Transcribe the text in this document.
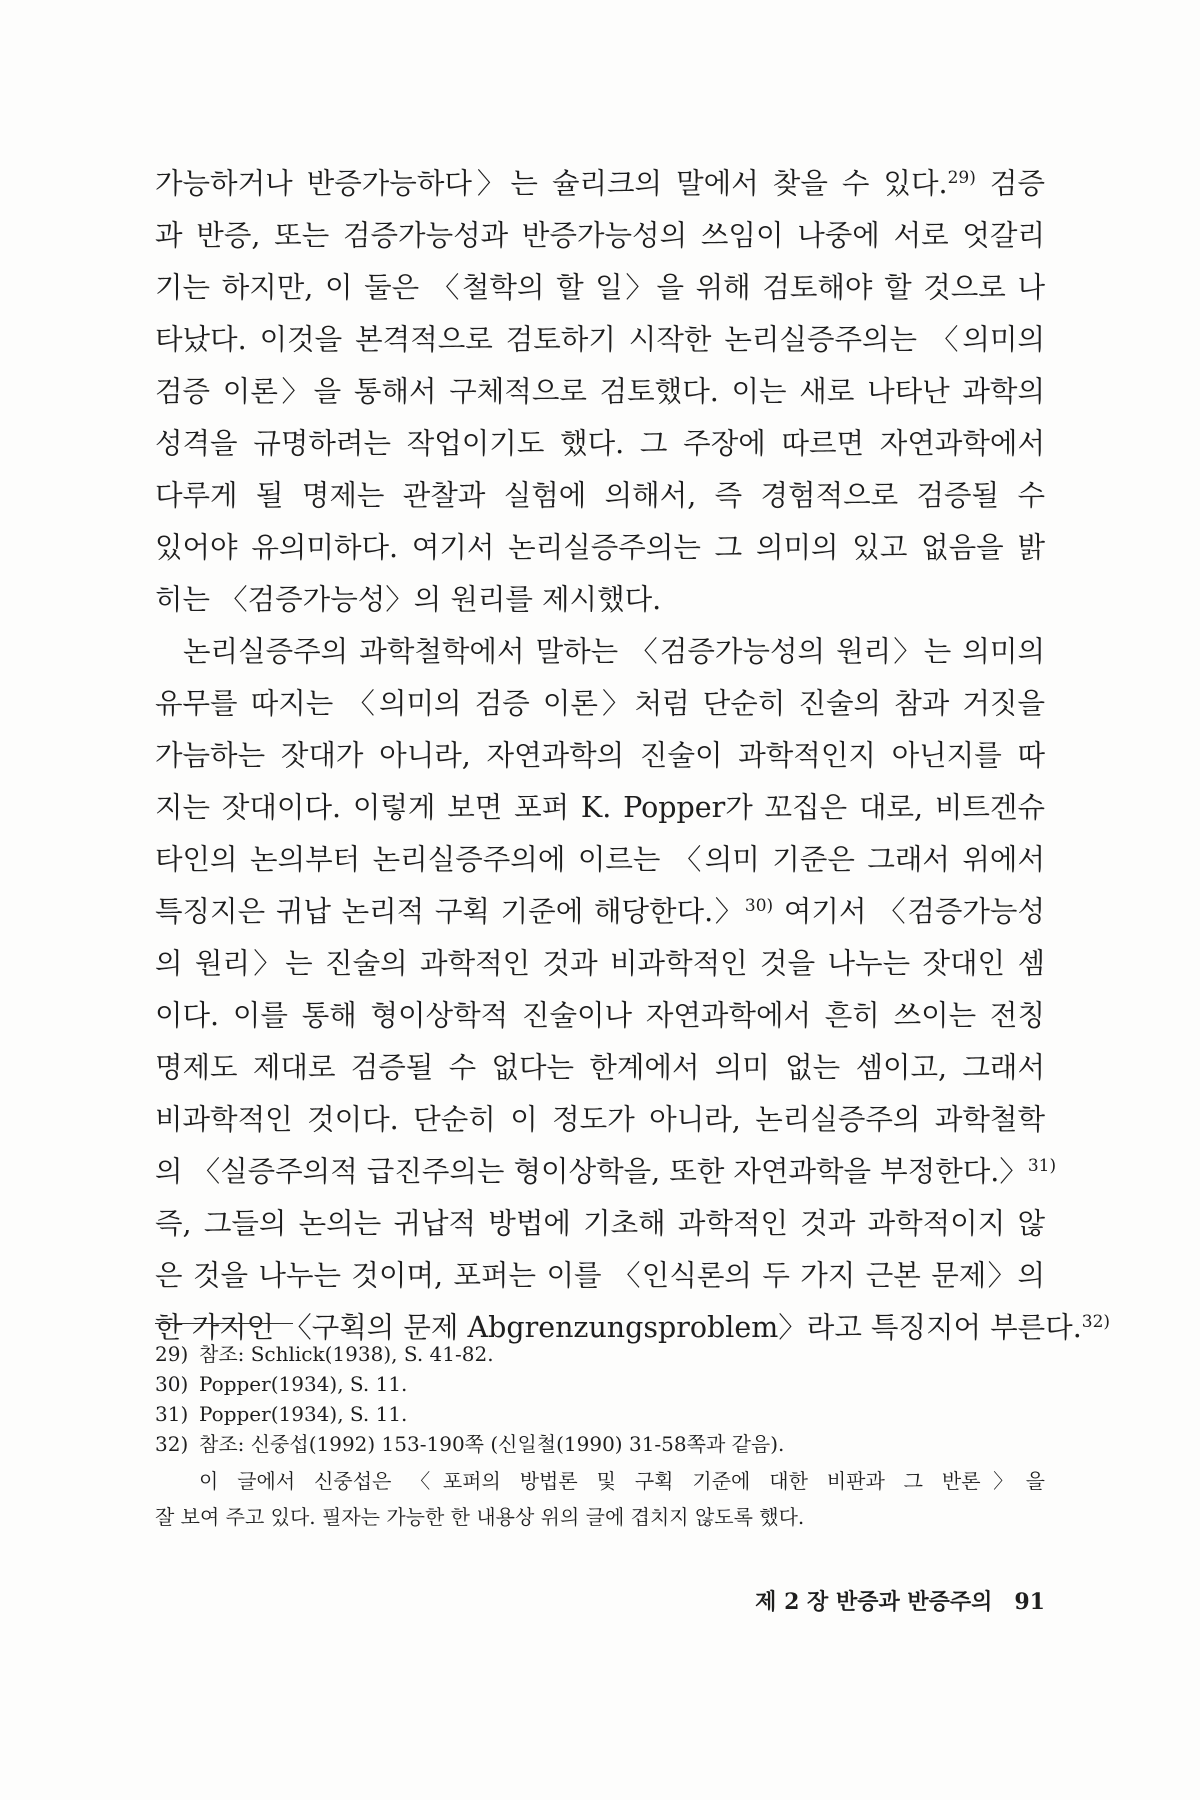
가능하거나 반증가능하다〉는 슐리크의 말에서 찾을 수 있다.$^{29)}$ 검증
과 반증, 또는 검증가능성과 반증가능성의 쓰임이 나중에 서로 엇갈리
기는 하지만, 이 둘은 〈철학의 할 일〉을 위해 검토해야 할 것으로 나
타났다. 이것을 본격적으로 검토하기 시작한 논리실증주의는 〈의미의
검증 이론〉을 통해서 구체적으로 검토했다. 이는 새로 나타난 과학의
성격을 규명하려는 작업이기도 했다. 그 주장에 따르면 자연과학에서
다루게 될 명제는 관찰과 실험에 의해서, 즉 경험적으로 검증될 수
있어야 유의미하다. 여기서 논리실증주의는 그 의미의 있고 없음을 밝
히는 〈검증가능성〉의 원리를 제시했다.
논리실증주의 과학철학에서 말하는 〈검증가능성의 원리〉는 의미의
유무를 따지는 〈의미의 검증 이론〉처럼 단순히 진술의 참과 거짓을
가늠하는 잣대가 아니라, 자연과학의 진술이 과학적인지 아닌지를 따
지는 잣대이다. 이렇게 보면 포퍼 K. Popper가 꼬집은 대로, 비트겐슈
타인의 논의부터 논리실증주의에 이르는 〈의미 기준은 그래서 위에서
특징지은 귀납 논리적 구획 기준에 해당한다.〉$^{30)}$ 여기서 〈검증가능성
의 원리〉는 진술의 과학적인 것과 비과학적인 것을 나누는 잣대인 셈
이다. 이를 통해 형이상학적 진술이나 자연과학에서 흔히 쓰이는 전칭
명제도 제대로 검증될 수 없다는 한계에서 의미 없는 셈이고, 그래서
비과학적인 것이다. 단순히 이 정도가 아니라, 논리실증주의 과학철학
의 〈실증주의적 급진주의는 형이상학을, 또한 자연과학을 부정한다.〉$^{31)}$
즉, 그들의 논의는 귀납적 방법에 기초해 과학적인 것과 과학적이지 않
은 것을 나누는 것이며, 포퍼는 이를 〈인식론의 두 가지 근본 문제〉의
한 가지인 〈구획의 문제 Abgrenzungsproblem〉라고 특징지어 부른다.$^{32)}$
29) 참조: Schlick(1938), S. 41-82.
30) Popper(1934), S. 11.
31) Popper(1934), S. 11.
32) 참조: 신중섭(1992) 153-190쪽 (신일철(1990) 31-58쪽과 같음).
이 글에서 신중섭은 〈포퍼의 방법론 및 구획 기준에 대한 비판과 그 반론〉을
잘 보여 주고 있다. 필자는 가능한 한 내용상 위의 글에 겹치지 않도록 했다.
제 2 장 반증과 반증주의 91
